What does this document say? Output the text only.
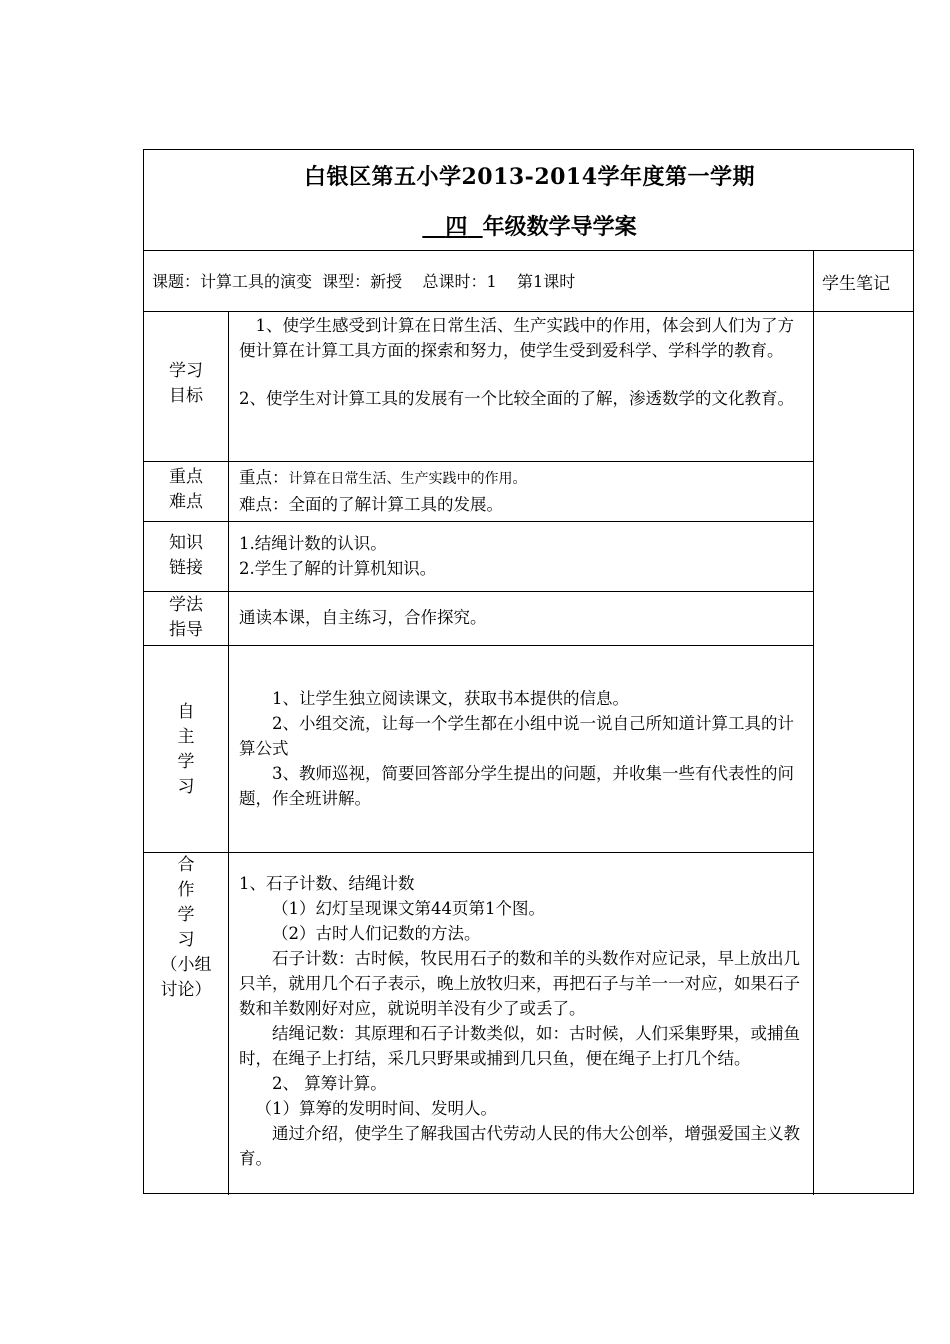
白银区第五小学2013-2014学年度第一学期
四 年级数学导学案
课题：计算工具的演变  课型：新授    总课时：1    第1课时	学生笔记
学习
目标

1、使学生感受到计算在日常生活、生产实践中的作用，体会到人们为了方便计算在计算工具方面的探索和努力，使学生受到爱科学、学科学的教育。

2、使学生对计算工具的发展有一个比较全面的了解，渗透数学的文化教育。

重点
难点

重点：计算在日常生活、生产实践中的作用。

难点：全面的了解计算工具的发展。

知识
链接

1.结绳计数的认识。

2.学生了解的计算机知识。

学法
指导
通读本课，自主练习，合作探究。
自
主
学
习

1、让学生独立阅读课文，获取书本提供的信息。

2、小组交流，让每一个学生都在小组中说一说自己所知道计算工具的计算公式

3、教师巡视，简要回答部分学生提出的问题，并收集一些有代表性的问题，作全班讲解。

合
作
学
习
（小组
讨论）

1、石子计数、结绳计数

（1）幻灯呈现课文第44页第1个图。

（2）古时人们记数的方法。

石子计数：古时候，牧民用石子的数和羊的头数作对应记录，早上放出几只羊，就用几个石子表示，晚上放牧归来，再把石子与羊一一对应，如果石子数和羊数刚好对应，就说明羊没有少了或丢了。

结绳记数：其原理和石子计数类似，如：古时候，人们采集野果，或捕鱼时，在绳子上打结，采几只野果或捕到几只鱼，便在绳子上打几个结。

2、 算筹计算。

（1）算筹的发明时间、发明人。

通过介绍，使学生了解我国古代劳动人民的伟大公创举，增强爱国主义教育。
